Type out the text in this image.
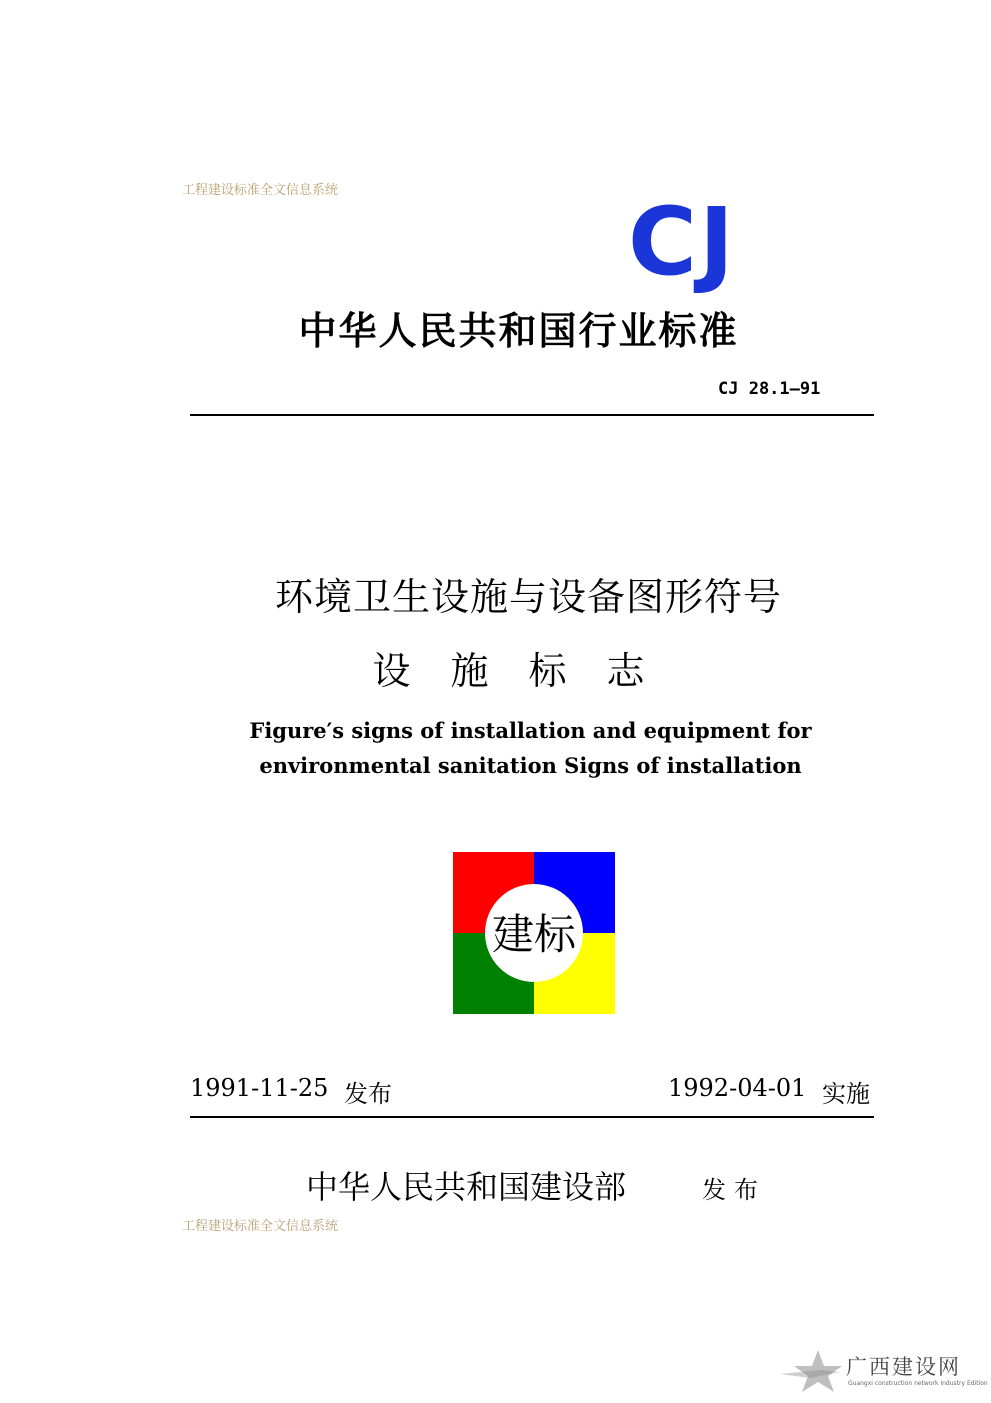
工程建设标准全文信息系统	CJ
中华人民共和国行业标准
CJ 28.1—91
环境卫生设施与设备图形符号
设施标志
Figure′s signs of installation and equipment for
environmental sanitation Signs of installation
建标
1991-11-25 发布	1992-04-01 实施
中华人民共和国建设部	发布
工程建设标准全文信息系统
广西建设网
Guangxi construction network Industry Edition
